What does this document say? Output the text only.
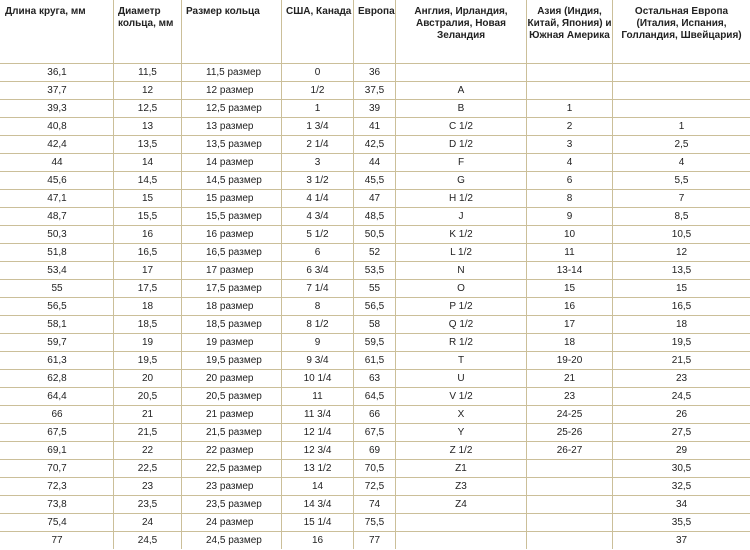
Длина круга, мм	Диаметр кольца, мм	Размер кольца	США, Канада	Европа	Англия, Ирландия, Австралия, Новая Зеландия	Азия (Индия, Китай, Япония) и Южная Америка	Остальная Европа (Италия, Испания, Голландия, Швейцария)
36,1	11,5	11,5 размер	0	36			
37,7	12	12 размер	1/2	37,5	A		
39,3	12,5	12,5 размер	1	39	B	1	
40,8	13	13 размер	1 3/4	41	C 1/2	2	1
42,4	13,5	13,5 размер	2 1/4	42,5	D 1/2	3	2,5
44	14	14 размер	3	44	F	4	4
45,6	14,5	14,5 размер	3 1/2	45,5	G	6	5,5
47,1	15	15 размер	4 1/4	47	H 1/2	8	7
48,7	15,5	15,5 размер	4 3/4	48,5	J	9	8,5
50,3	16	16 размер	5 1/2	50,5	K 1/2	10	10,5
51,8	16,5	16,5 размер	6	52	L 1/2	11	12
53,4	17	17 размер	6 3/4	53,5	N	13-14	13,5
55	17,5	17,5 размер	7 1/4	55	O	15	15
56,5	18	18 размер	8	56,5	P 1/2	16	16,5
58,1	18,5	18,5 размер	8 1/2	58	Q 1/2	17	18
59,7	19	19 размер	9	59,5	R 1/2	18	19,5
61,3	19,5	19,5 размер	9 3/4	61,5	T	19-20	21,5
62,8	20	20 размер	10 1/4	63	U	21	23
64,4	20,5	20,5 размер	11	64,5	V 1/2	23	24,5
66	21	21 размер	11 3/4	66	X	24-25	26
67,5	21,5	21,5 размер	12 1/4	67,5	Y	25-26	27,5
69,1	22	22 размер	12 3/4	69	Z 1/2	26-27	29
70,7	22,5	22,5 размер	13 1/2	70,5	Z1		30,5
72,3	23	23 размер	14	72,5	Z3		32,5
73,8	23,5	23,5 размер	14 3/4	74	Z4		34
75,4	24	24 размер	15 1/4	75,5			35,5
77	24,5	24,5 размер	16	77			37
